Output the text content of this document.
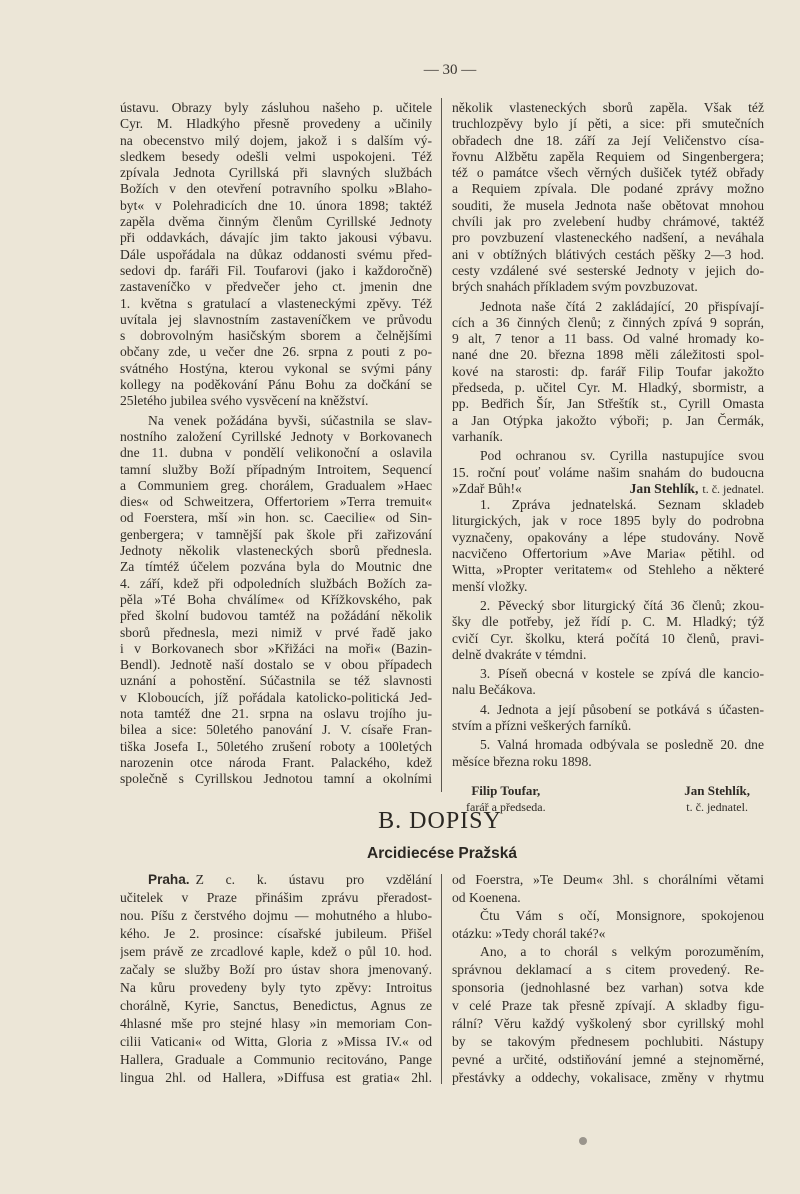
— 30 —
ústavu. Obrazy byly zásluhou našeho p. učitele
Cyr. M. Hladkýho přesně provedeny a učinily
na obecenstvo milý dojem, jakož i s dalším vý-
sledkem besedy odešli velmi uspokojeni. Též
zpívala Jednota Cyrillská při slavných službách
Božích v den otevření potravního spolku »Blaho-
byt« v Polehradicích dne 10. února 1898; taktéž
zapěla dvěma činným členům Cyrillské Jednoty
při oddavkách, dávajíc jim takto jakousi výbavu.
Dále uspořádala na důkaz oddanosti svému před-
sedovi dp. faráři Fil. Toufarovi (jako i každoročně)
zastaveníčko v předvečer jeho ct. jmenin dne
1. května s gratulací a vlasteneckými zpěvy. Též
uvítala jej slavnostním zastaveníčkem ve průvodu
s dobrovolným hasičským sborem a čelnějšími
občany zde, u večer dne 26. srpna z pouti z po-
svátného Hostýna, kterou vykonal se svými pány
kollegy na poděkování Pánu Bohu za dočkání se
25letého jubilea svého vysvěcení na kněžství.
Na venek požádána byvši, súčastnila se slav-
nostního založení Cyrillské Jednoty v Borkovanech
dne 11. dubna v pondělí velikonoční a oslavila
tamní služby Boží případným Introitem, Sequencí
a Communiem greg. chorálem, Gradualem »Haec
dies« od Schweitzera, Offertoriem »Terra tremuit«
od Foerstera, mší »in hon. sc. Caecilie« od Sin-
genbergera; v tamnější pak škole při zařizování
Jednoty několik vlasteneckých sborů přednesla.
Za tímtéž účelem pozvána byla do Moutnic dne
4. září, kdež při odpoledních službách Božích za-
pěla »Té Boha chválíme« od Křížkovského, pak
před školní budovou tamtéž na požádání několik
sborů přednesla, mezi nimiž v prvé řadě jako
i v Borkovanech sbor »Křižáci na moři« (Bazin-
Bendl). Jednotě naší dostalo se v obou případech
uznání a pohostění. Súčastnila se též slavnosti
v Kloboucích, jíž pořádala katolicko-politická Jed-
nota tamtéž dne 21. srpna na oslavu trojího ju-
bilea a sice: 50letého panování J. V. císaře Fran-
tiška Josefa I., 50letého zrušení roboty a 100letých
narozenin otce národa Frant. Palackého, kdež
společně s Cyrillskou Jednotou tamní a okolními
několik vlasteneckých sborů zapěla. Však též
truchlozpěvy bylo jí pěti, a sice: při smutečních
obřadech dne 18. září za Její Veličenstvo císa-
řovnu Alžbětu zapěla Requiem od Singenbergera;
též o památce všech věrných dušiček tytéž obřady
a Requiem zpívala. Dle podané zprávy možno
souditi, že musela Jednota naše obětovat mnohou
chvíli jak pro zvelebení hudby chrámové, taktéž
pro povzbuzení vlasteneckého nadšení, a neváhala
ani v obtížných blátivých cestách pěšky 2—3 hod.
cesty vzdálené své sesterské Jednoty v jejich do-
brých snahách příkladem svým povzbuzovat.
Jednota naše čítá 2 zakládající, 20 přispívají-
cích a 36 činných členů; z činných zpívá 9 soprán,
9 alt, 7 tenor a 11 bass. Od valné hromady ko-
nané dne 20. března 1898 měli záležitosti spol-
kové na starosti: dp. farář Filip Toufar jakožto
předseda, p. učitel Cyr. M. Hladký, sbormistr, a
pp. Bedřich Šír, Jan Střeštík st., Cyrill Omasta
a Jan Otýpka jakožto výboři; p. Jan Čermák,
varhaník.
Pod ochranou sv. Cyrilla nastupujíce svou
15. roční pouť voláme našim snahám do budoucna
»Zdař Bůh!«	Jan Stehlík, t. č. jednatel.
1. Zpráva jednatelská. Seznam skladeb
liturgických, jak v roce 1895 byly do podrobna
vyznačeny, opakovány a lépe studovány. Nově
nacvičeno Offertorium »Ave Maria« pětihl. od
Witta, »Propter veritatem« od Stehleho a některé
menší vložky.
2. Pěvecký sbor liturgický čítá 36 členů; zkou-
šky dle potřeby, jež řídí p. C. M. Hladký; týž
cvičí Cyr. školku, která počítá 10 členů, pravi-
delně dvakráte v témdni.
3. Píseň obecná v kostele se zpívá dle kancio-
nalu Bečákova.
4. Jednota a její působení se potkává s účasten-
stvím a přízni veškerých farníků.
5. Valná hromada odbývala se posledně 20. dne
měsíce března roku 1898.
Filip Toufar,
farář a předseda.
Jan Stehlík,
t. č. jednatel.
B. DOPISY
Arcidiecése Pražská
Praha. Z c. k. ústavu pro vzdělání
učitelek v Praze přinášim zprávu přeradost-
nou. Píšu z čerstvého dojmu — mohutného a hlubo-
kého. Je 2. prosince: císařské jubileum. Přišel
jsem právě ze zrcadlové kaple, kdež o půl 10. hod.
začaly se služby Boží pro ústav shora jmenovaný.
Na kůru provedeny byly tyto zpěvy: Introitus
chorálně, Kyrie, Sanctus, Benedictus, Agnus ze
4hlasné mše pro stejné hlasy »in memoriam Con-
cilii Vaticani« od Witta, Gloria z »Missa IV.« od
Hallera, Graduale a Communio recitováno, Pange
lingua 2hl. od Hallera, »Diffusa est gratia« 2hl.
od Foerstra, »Te Deum« 3hl. s chorálními větami
od Koenena.
Čtu Vám s očí, Monsignore, spokojenou
otázku: »Tedy chorál také?«
Ano, a to chorál s velkým porozuměním,
správnou deklamací a s citem provedený. Re-
sponsoria (jednohlasné bez varhan) sotva kde
v celé Praze tak přesně zpívají. A skladby figu-
rální? Věru každý vyškolený sbor cyrillský mohl
by se takovým přednesem pochlubiti. Nástupy
pevné a určité, odstiňování jemné a stejnoměrné,
přestávky a oddechy, vokalisace, změny v rhytmu
